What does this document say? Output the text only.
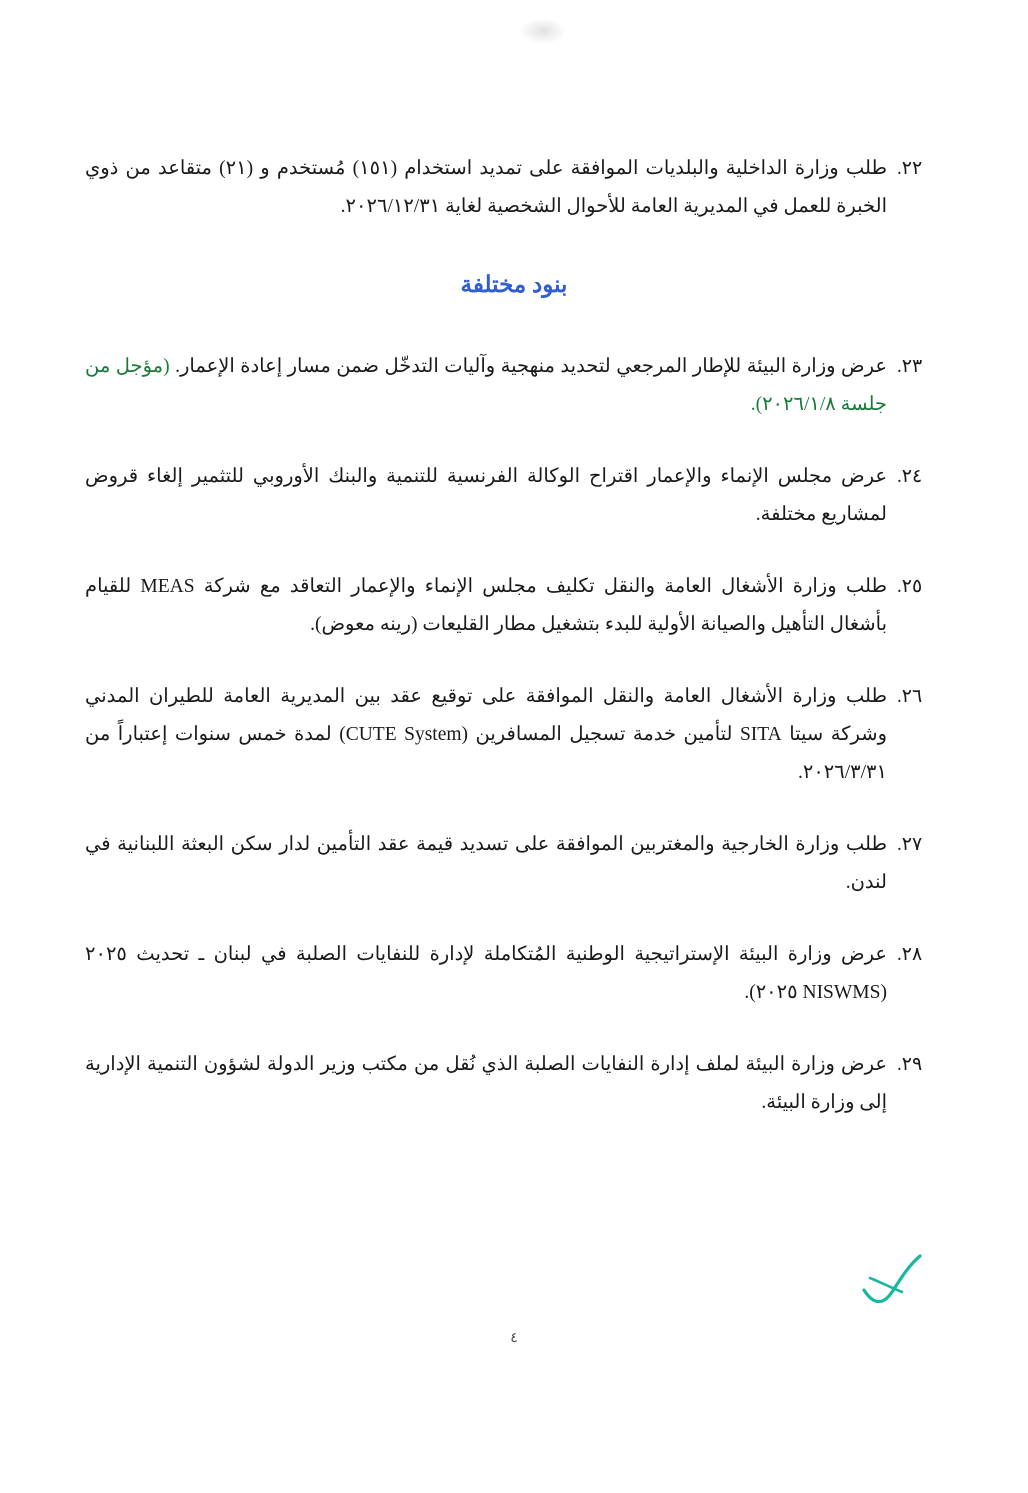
٢٢.
طلب وزارة الداخلية والبلديات الموافقة على تمديد استخدام (١٥١) مُستخدم و (٢١) متقاعد من ذوي الخبرة للعمل في المديرية العامة للأحوال الشخصية لغاية ٢٠٢٦/١٢/٣١.
بنود مختلفة
٢٣.
عرض وزارة البيئة للإطار المرجعي لتحديد منهجية وآليات التدخّل ضمن مسار إعادة الإعمار. (مؤجل من جلسة ٢٠٢٦/١/٨).
٢٤.
عرض مجلس الإنماء والإعمار اقتراح الوكالة الفرنسية للتنمية والبنك الأوروبي للتثمير إلغاء قروض لمشاريع مختلفة.
٢٥.
طلب وزارة الأشغال العامة والنقل تكليف مجلس الإنماء والإعمار التعاقد مع شركة MEAS للقيام بأشغال التأهيل والصيانة الأولية للبدء بتشغيل مطار القليعات (رينه معوض).
٢٦.
طلب وزارة الأشغال العامة والنقل الموافقة على توقيع عقد بين المديرية العامة للطيران المدني وشركة سيتا SITA لتأمين خدمة تسجيل المسافرين (CUTE System) لمدة خمس سنوات إعتباراً من ٢٠٢٦/٣/٣١.
٢٧.
طلب وزارة الخارجية والمغتربين الموافقة على تسديد قيمة عقد التأمين لدار سكن البعثة اللبنانية في لندن.
٢٨.
عرض وزارة البيئة الإستراتيجية الوطنية المُتكاملة لإدارة للنفايات الصلبة في لبنان ـ تحديث ٢٠٢٥ (NISWMS ٢٠٢٥).
٢٩.
عرض وزارة البيئة لملف إدارة النفايات الصلبة الذي نُقل من مكتب وزير الدولة لشؤون التنمية الإدارية إلى وزارة البيئة.
٤
